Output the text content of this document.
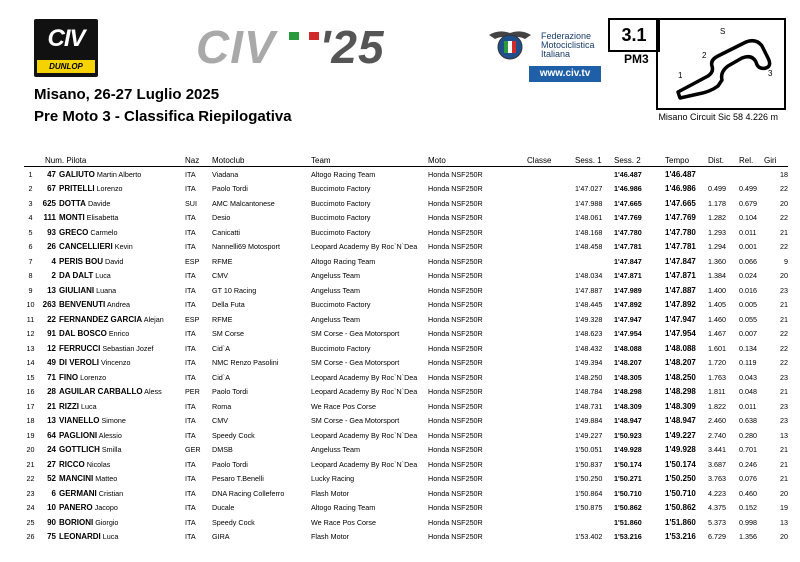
CIV
DUNLOP CIV '25	Federazione
Motociclistica
Italiana
www.civ.tv
3.1
PM3
1
2
3
S
Misano, 26-27 Luglio 2025
Pre Moto 3 - Classifica Riepilogativa	Misano Circuit Sic 58 4.226 m
	Num. Pilota		Naz	Motoclub	Team	Moto	Classe	Sess. 1	Sess. 2	Tempo	Dist.	Rel.	Giri
1	47	GALIUTO Martin Alberto	ITA	Viadana	Altogo Racing Team	Honda NSF250R			1'46.487	1'46.487			18
2	67	PRITELLI Lorenzo	ITA	Paolo Tordi	Buccimoto Factory	Honda NSF250R		1'47.027	1'46.986	1'46.986	0.499	0.499	22
3	625	DOTTA Davide	SUI	AMC Malcantonese	Buccimoto Factory	Honda NSF250R		1'47.988	1'47.665	1'47.665	1.178	0.679	20
4	111	MONTI Elisabetta	ITA	Desio	Buccimoto Factory	Honda NSF250R		1'48.061	1'47.769	1'47.769	1.282	0.104	22
5	93	GRECO Carmelo	ITA	Canicatti	Buccimoto Factory	Honda NSF250R		1'48.168	1'47.780	1'47.780	1.293	0.011	21
6	26	CANCELLIERI Kevin	ITA	Nannelli69 Motosport	Leopard Academy By Roc`N`Dea	Honda NSF250R		1'48.458	1'47.781	1'47.781	1.294	0.001	22
7	4	PERIS BOU David	ESP	RFME	Altogo Racing Team	Honda NSF250R			1'47.847	1'47.847	1.360	0.066	9
8	2	DA DALT Luca	ITA	CMV	Angeluss Team	Honda NSF250R		1'48.034	1'47.871	1'47.871	1.384	0.024	20
9	13	GIULIANI Luana	ITA	GT 10 Racing	Angeluss Team	Honda NSF250R		1'47.887	1'47.989	1'47.887	1.400	0.016	23
10	263	BENVENUTI Andrea	ITA	Della Futa	Buccimoto Factory	Honda NSF250R		1'48.445	1'47.892	1'47.892	1.405	0.005	21
11	22	FERNANDEZ GARCIA Alejan	ESP	RFME	Angeluss Team	Honda NSF250R		1'49.328	1'47.947	1'47.947	1.460	0.055	21
12	91	DAL BOSCO Enrico	ITA	SM Corse	SM Corse - Gea Motorsport	Honda NSF250R		1'48.623	1'47.954	1'47.954	1.467	0.007	22
13	12	FERRUCCI Sebastian Jozef	ITA	Cid`A	Buccimoto Factory	Honda NSF250R		1'48.432	1'48.088	1'48.088	1.601	0.134	22
14	49	DI VEROLI Vincenzo	ITA	NMC Renzo Pasolini	SM Corse - Gea Motorsport	Honda NSF250R		1'49.394	1'48.207	1'48.207	1.720	0.119	22
15	71	FINO Lorenzo	ITA	Cid`A	Leopard Academy By Roc`N`Dea	Honda NSF250R		1'48.250	1'48.305	1'48.250	1.763	0.043	23
16	28	AGUILAR CARBALLO Aless	PER	Paolo Tordi	Leopard Academy By Roc`N`Dea	Honda NSF250R		1'48.784	1'48.298	1'48.298	1.811	0.048	21
17	21	RIZZI Luca	ITA	Roma	We Race Pos Corse	Honda NSF250R		1'48.731	1'48.309	1'48.309	1.822	0.011	23
18	13	VIANELLO Simone	ITA	CMV	SM Corse - Gea Motorsport	Honda NSF250R		1'49.884	1'48.947	1'48.947	2.460	0.638	23
19	64	PAGLIONI Alessio	ITA	Speedy Cock	Leopard Academy By Roc`N`Dea	Honda NSF250R		1'49.227	1'50.923	1'49.227	2.740	0.280	13
20	24	GOTTLICH Smilla	GER	DMSB	Angeluss Team	Honda NSF250R		1'50.051	1'49.928	1'49.928	3.441	0.701	21
21	27	RICCO Nicolas	ITA	Paolo Tordi	Leopard Academy By Roc`N`Dea	Honda NSF250R		1'50.837	1'50.174	1'50.174	3.687	0.246	21
22	52	MANCINI Matteo	ITA	Pesaro T.Benelli	Lucky Racing	Honda NSF250R		1'50.250	1'50.271	1'50.250	3.763	0.076	21
23	6	GERMANI Cristian	ITA	DNA Racing Colleferro	Flash Motor	Honda NSF250R		1'50.864	1'50.710	1'50.710	4.223	0.460	20
24	10	PANERO Jacopo	ITA	Ducale	Altogo Racing Team	Honda NSF250R		1'50.875	1'50.862	1'50.862	4.375	0.152	19
25	90	BORIONI Giorgio	ITA	Speedy Cock	We Race Pos Corse	Honda NSF250R			1'51.860	1'51.860	5.373	0.998	13
26	75	LEONARDI Luca	ITA	GIRA	Flash Motor	Honda NSF250R		1'53.402	1'53.216	1'53.216	6.729	1.356	20
